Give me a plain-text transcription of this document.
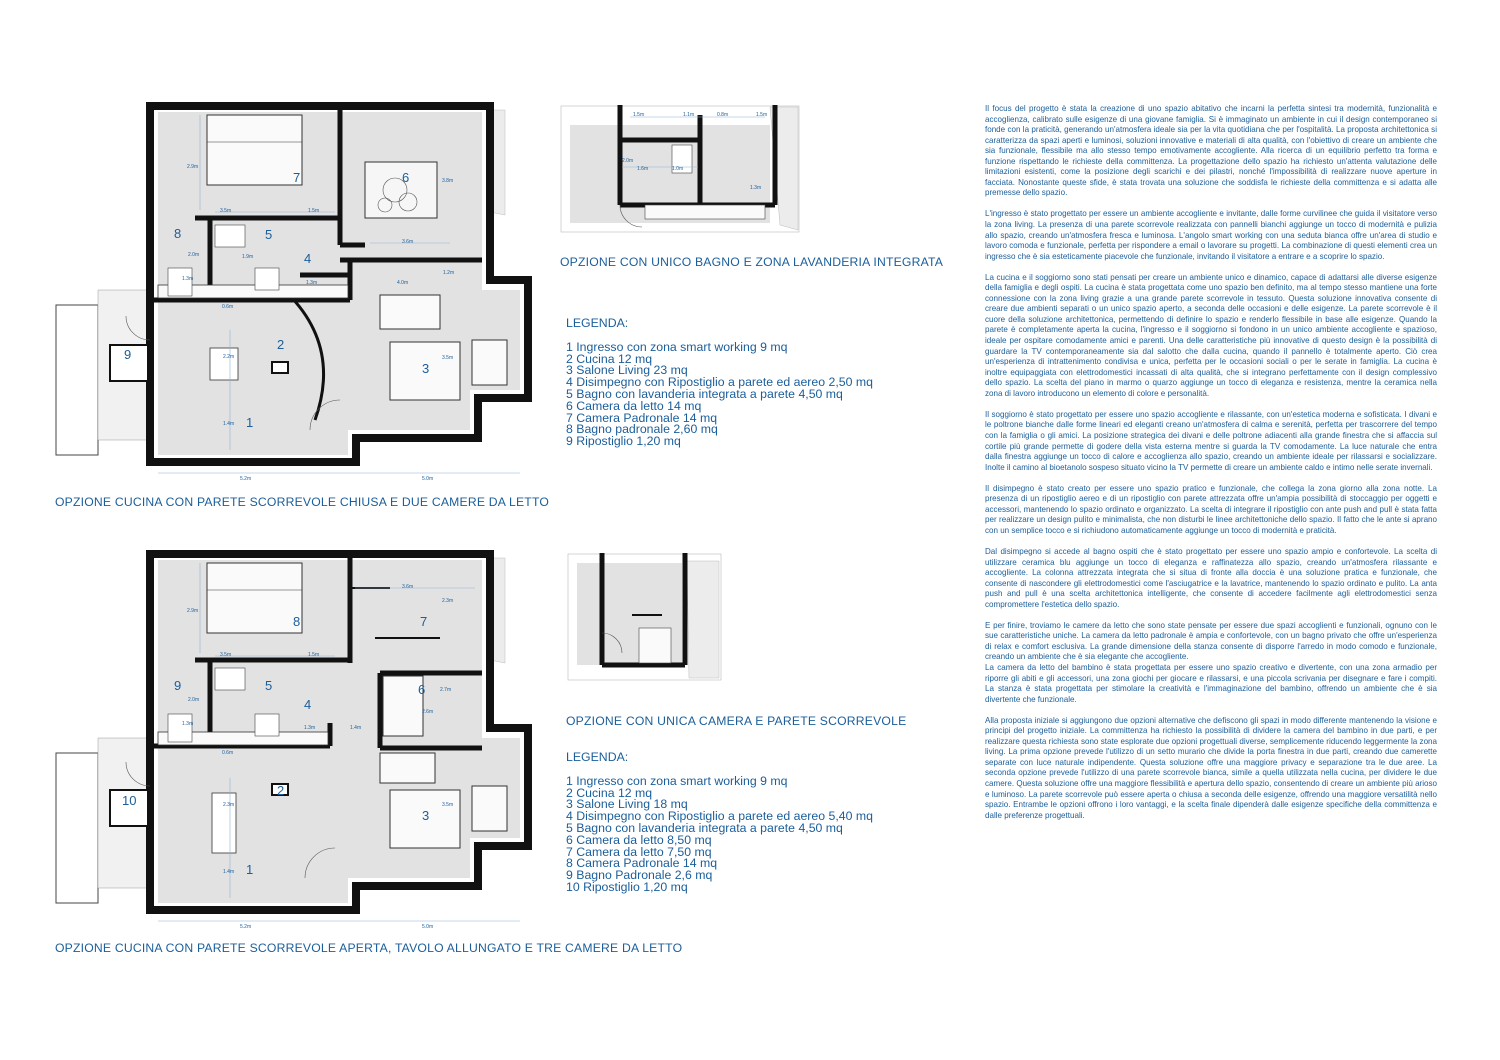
1
2
3
4
5
6
7
8
9
2.9m
3.5m	1.5m
3.8m
3.6m
1.9m
2.0m
1.3m
1.2m
1.3m	4.0m
0.6m
2.2m	3.5m
1.4m
5.2m	5.0m
OPZIONE CUCINA CON PARETE SCORREVOLE CHIUSA E DUE CAMERE DA LETTO
1.5m	1.1m	0.8m	1.5m
2.0m
1.6m	1.0m
1.3m
OPZIONE CON UNICO BAGNO E ZONA LAVANDERIA INTEGRATA
LEGENDA:
1 Ingresso con zona smart working 9 mq
2 Cucina 12 mq
3 Salone Living 23 mq
4 Disimpegno con Ripostiglio a parete ed aereo 2,50 mq
5 Bagno con lavanderia integrata a parete 4,50 mq
6 Camera da letto 14 mq
7 Camera Padronale 14 mq
8 Bagno padronale 2,60 mq
9 Ripostiglio 1,20 mq
1
2
3
4
5	6
7
8
9
10
2.9m
3.5m	1.5m
3.6m
2.3m
2.7m
2.6m
1.4m
1.3m
2.0m
1.3m
0.6m
2.3m	3.5m
1.4m
5.2m	5.0m
OPZIONE CUCINA CON PARETE SCORREVOLE APERTA, TAVOLO ALLUNGATO E TRE CAMERE DA LETTO
OPZIONE CON UNICA CAMERA E PARETE SCORREVOLE
LEGENDA:
1 Ingresso con zona smart working 9 mq
2 Cucina 12 mq
3 Salone Living 18 mq
4 Disimpegno con Ripostiglio a parete ed aereo 5,40 mq
5 Bagno con lavanderia integrata a parete 4,50 mq
6 Camera da letto 8,50 mq
7 Camera da letto 7,50 mq
8 Camera Padronale 14 mq
9 Bagno Padronale 2,6 mq
10 Ripostiglio 1,20 mq

Il focus del progetto è stata la creazione di uno spazio abitativo che incarni la perfetta sintesi tra modernità, funzionalità e accoglienza, calibrato sulle esigenze di una giovane famiglia. Si è immaginato un ambiente in cui il design contemporaneo si fonde con la praticità, generando un'atmosfera ideale sia per la vita quotidiana che per l'ospitalità. La proposta architettonica si caratterizza da spazi aperti e luminosi, soluzioni innovative e materiali di alta qualità, con l'obiettivo di creare un ambiente che sia funzionale, flessibile ma allo stesso tempo emotivamente accogliente. Alla ricerca di un equilibrio perfetto tra forma e funzione rispettando le richieste della committenza. La progettazione dello spazio ha richiesto un'attenta valutazione delle limitazioni esistenti, come la posizione degli scarichi e dei pilastri, nonché l'impossibilità di realizzare nuove aperture in facciata. Nonostante queste sfide, è stata trovata una soluzione che soddisfa le richieste della committenza e si adatta alle premesse dello spazio.

L'ingresso è stato progettato per essere un ambiente accogliente e invitante, dalle forme curvilinee che guida il visitatore verso la zona living. La presenza di una parete scorrevole realizzata con pannelli bianchi aggiunge un tocco di modernità e pulizia allo spazio, creando un'atmosfera fresca e luminosa. L'angolo smart working con una seduta bianca offre un'area di studio e lavoro comoda e funzionale, perfetta per rispondere a email o lavorare su progetti. La combinazione di questi elementi crea un ingresso che è sia esteticamente piacevole che funzionale, invitando il visitatore a entrare e a scoprire lo spazio.

La cucina e il soggiorno sono stati pensati per creare un ambiente unico e dinamico, capace di adattarsi alle diverse esigenze della famiglia e degli ospiti. La cucina è stata progettata come uno spazio ben definito, ma al tempo stesso mantiene una forte connessione con la zona living grazie a una grande parete scorrevole in tessuto. Questa soluzione innovativa consente di creare due ambienti separati o un unico spazio aperto, a seconda delle occasioni e delle esigenze. La parete scorrevole è il cuore della soluzione architettonica, permettendo di definire lo spazio e renderlo flessibile in base alle esigenze. Quando la parete è completamente aperta la cucina, l'ingresso e il soggiorno si fondono in un unico ambiente accogliente e spazioso, ideale per ospitare comodamente amici e parenti. Una delle caratteristiche più innovative di questo design è la possibilità di guardare la TV contemporaneamente sia dal salotto che dalla cucina, quando il pannello è totalmente aperto. Ciò crea un'esperienza di intrattenimento condivisa e unica, perfetta per le occasioni sociali o per le serate in famiglia. La cucina è inoltre equipaggiata con elettrodomestici incassati di alta qualità, che si integrano perfettamente con il design complessivo dello spazio. La scelta del piano in marmo o quarzo aggiunge un tocco di eleganza e resistenza, mentre la ceramica nella zona di lavoro introducono un elemento di colore e personalità.

Il soggiorno è stato progettato per essere uno spazio accogliente e rilassante, con un'estetica moderna e sofisticata. I divani e le poltrone bianche dalle forme lineari ed eleganti creano un'atmosfera di calma e serenità, perfetta per trascorrere del tempo con la famiglia o gli amici. La posizione strategica dei divani e delle poltrone adiacenti alla grande finestra che si affaccia sul cortile più grande permette di godere della vista esterna mentre si guarda la TV comodamente. La luce naturale che entra dalla finestra aggiunge un tocco di calore e accoglienza allo spazio, creando un ambiente ideale per rilassarsi e socializzare. Inolte il camino al bioetanolo sospeso situato vicino la TV permette di creare un ambiente caldo e intimo nelle serate invernali.

Il disimpegno è stato creato per essere uno spazio pratico e funzionale, che collega la zona giorno alla zona notte. La presenza di un ripostiglio aereo e di un ripostiglio con parete attrezzata offre un'ampia possibilità di stoccaggio per oggetti e accessori, mantenendo lo spazio ordinato e organizzato. La scelta di integrare il ripostiglio con ante push and pull è stata fatta per realizzare un design pulito e minimalista, che non disturbi le linee architettoniche dello spazio. Il fatto che le ante si aprano con un semplice tocco e si richiudono automaticamente aggiunge un tocco di modernità e praticità.

Dal disimpegno si accede al bagno ospiti che è stato progettato per essere uno spazio ampio e confortevole. La scelta di utilizzare ceramica blu aggiunge un tocco di eleganza e raffinatezza allo spazio, creando un'atmosfera rilassante e accogliente. La colonna attrezzata integrata che si situa di fronte alla doccia è una soluzione pratica e funzionale, che consente di nascondere gli elettrodomestici come l'asciugatrice e la lavatrice, mantenendo lo spazio ordinato e pulito. La anta push and pull è una scelta architettonica intelligente, che consente di accedere facilmente agli elettrodomestici senza compromettere l'estetica dello spazio.

E per finire, troviamo le camere da letto che sono state pensate per essere due spazi accoglienti e funzionali, ognuno con le sue caratteristiche uniche. La camera da letto padronale è ampia e confortevole, con un bagno privato che offre un'esperienza di relax e comfort esclusiva. La grande dimensione della stanza consente di disporre l'arredo in modo comodo e funzionale, creando un ambiente che è sia elegante che accogliente.

La camera da letto del bambino è stata progettata per essere uno spazio creativo e divertente, con una zona armadio per riporre gli abiti e gli accessori, una zona giochi per giocare e rilassarsi, e una piccola scrivania per disegnare e fare i compiti. La stanza è stata progettata per stimolare la creatività e l'immaginazione del bambino, offrendo un ambiente che è sia divertente che funzionale.

Alla proposta iniziale si aggiungono due opzioni alternative che defiscono gli spazi in modo differente mantenendo la visione e principi del progetto iniziale. La committenza ha richiesto la possibilità di dividere la camera del bambino in due parti, e per realizzare questa richiesta sono state esplorate due opzioni progettuali diverse, semplicemente riducendo leggermente la zona living. La prima opzione prevede l'utilizzo di un setto murario che divide la porta finestra in due parti, creando due camerette separate con luce naturale indipendente. Questa soluzione offre una maggiore privacy e separazione tra le due aree. La seconda opzione prevede l'utilizzo di una parete scorrevole bianca, simile a quella utilizzata nella cucina, per dividere le due camere. Questa soluzione offre una maggiore flessibilità e apertura dello spazio, consentendo di creare un ambiente più arioso e luminoso. La parete scorrevole può essere aperta o chiusa a seconda delle esigenze, offrendo una maggiore versatilità nello spazio. Entrambe le opzioni offrono i loro vantaggi, e la scelta finale dipenderà dalle esigenze specifiche della committenza e dalle preferenze progettuali.
